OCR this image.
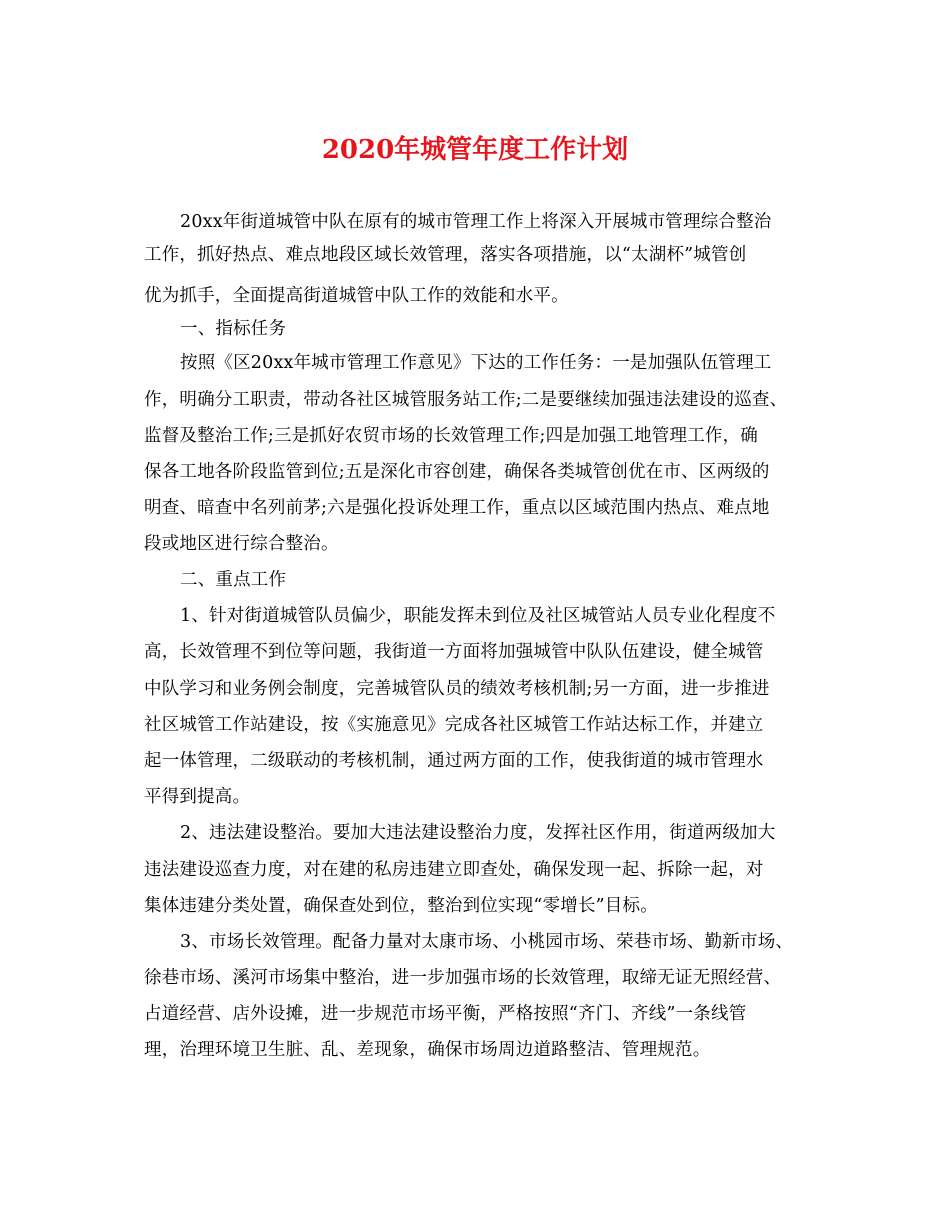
2020年城管年度工作计划
20xx年街道城管中队在原有的城市管理工作上将深入开展城市管理综合整治
工作，抓好热点、难点地段区域长效管理，落实各项措施，以“太湖杯”城管创
优为抓手，全面提高街道城管中队工作的效能和水平。
一、指标任务
按照《区20xx年城市管理工作意见》下达的工作任务：一是加强队伍管理工
作，明确分工职责，带动各社区城管服务站工作;二是要继续加强违法建设的巡查、
监督及整治工作;三是抓好农贸市场的长效管理工作;四是加强工地管理工作，确
保各工地各阶段监管到位;五是深化市容创建，确保各类城管创优在市、区两级的
明查、暗查中名列前茅;六是强化投诉处理工作，重点以区域范围内热点、难点地
段或地区进行综合整治。
二、重点工作
1、针对街道城管队员偏少，职能发挥未到位及社区城管站人员专业化程度不
高，长效管理不到位等问题，我街道一方面将加强城管中队队伍建设，健全城管
中队学习和业务例会制度，完善城管队员的绩效考核机制;另一方面，进一步推进
社区城管工作站建设，按《实施意见》完成各社区城管工作站达标工作，并建立
起一体管理，二级联动的考核机制，通过两方面的工作，使我街道的城市管理水
平得到提高。
2、违法建设整治。要加大违法建设整治力度，发挥社区作用，街道两级加大
违法建设巡查力度，对在建的私房违建立即查处，确保发现一起、拆除一起，对
集体违建分类处置，确保查处到位，整治到位实现“零增长”目标。
3、市场长效管理。配备力量对太康市场、小桃园市场、荣巷市场、勤新市场、
徐巷市场、溪河市场集中整治，进一步加强市场的长效管理，取缔无证无照经营、
占道经营、店外设摊，进一步规范市场平衡，严格按照“齐门、齐线”一条线管
理，治理环境卫生脏、乱、差现象，确保市场周边道路整洁、管理规范。
